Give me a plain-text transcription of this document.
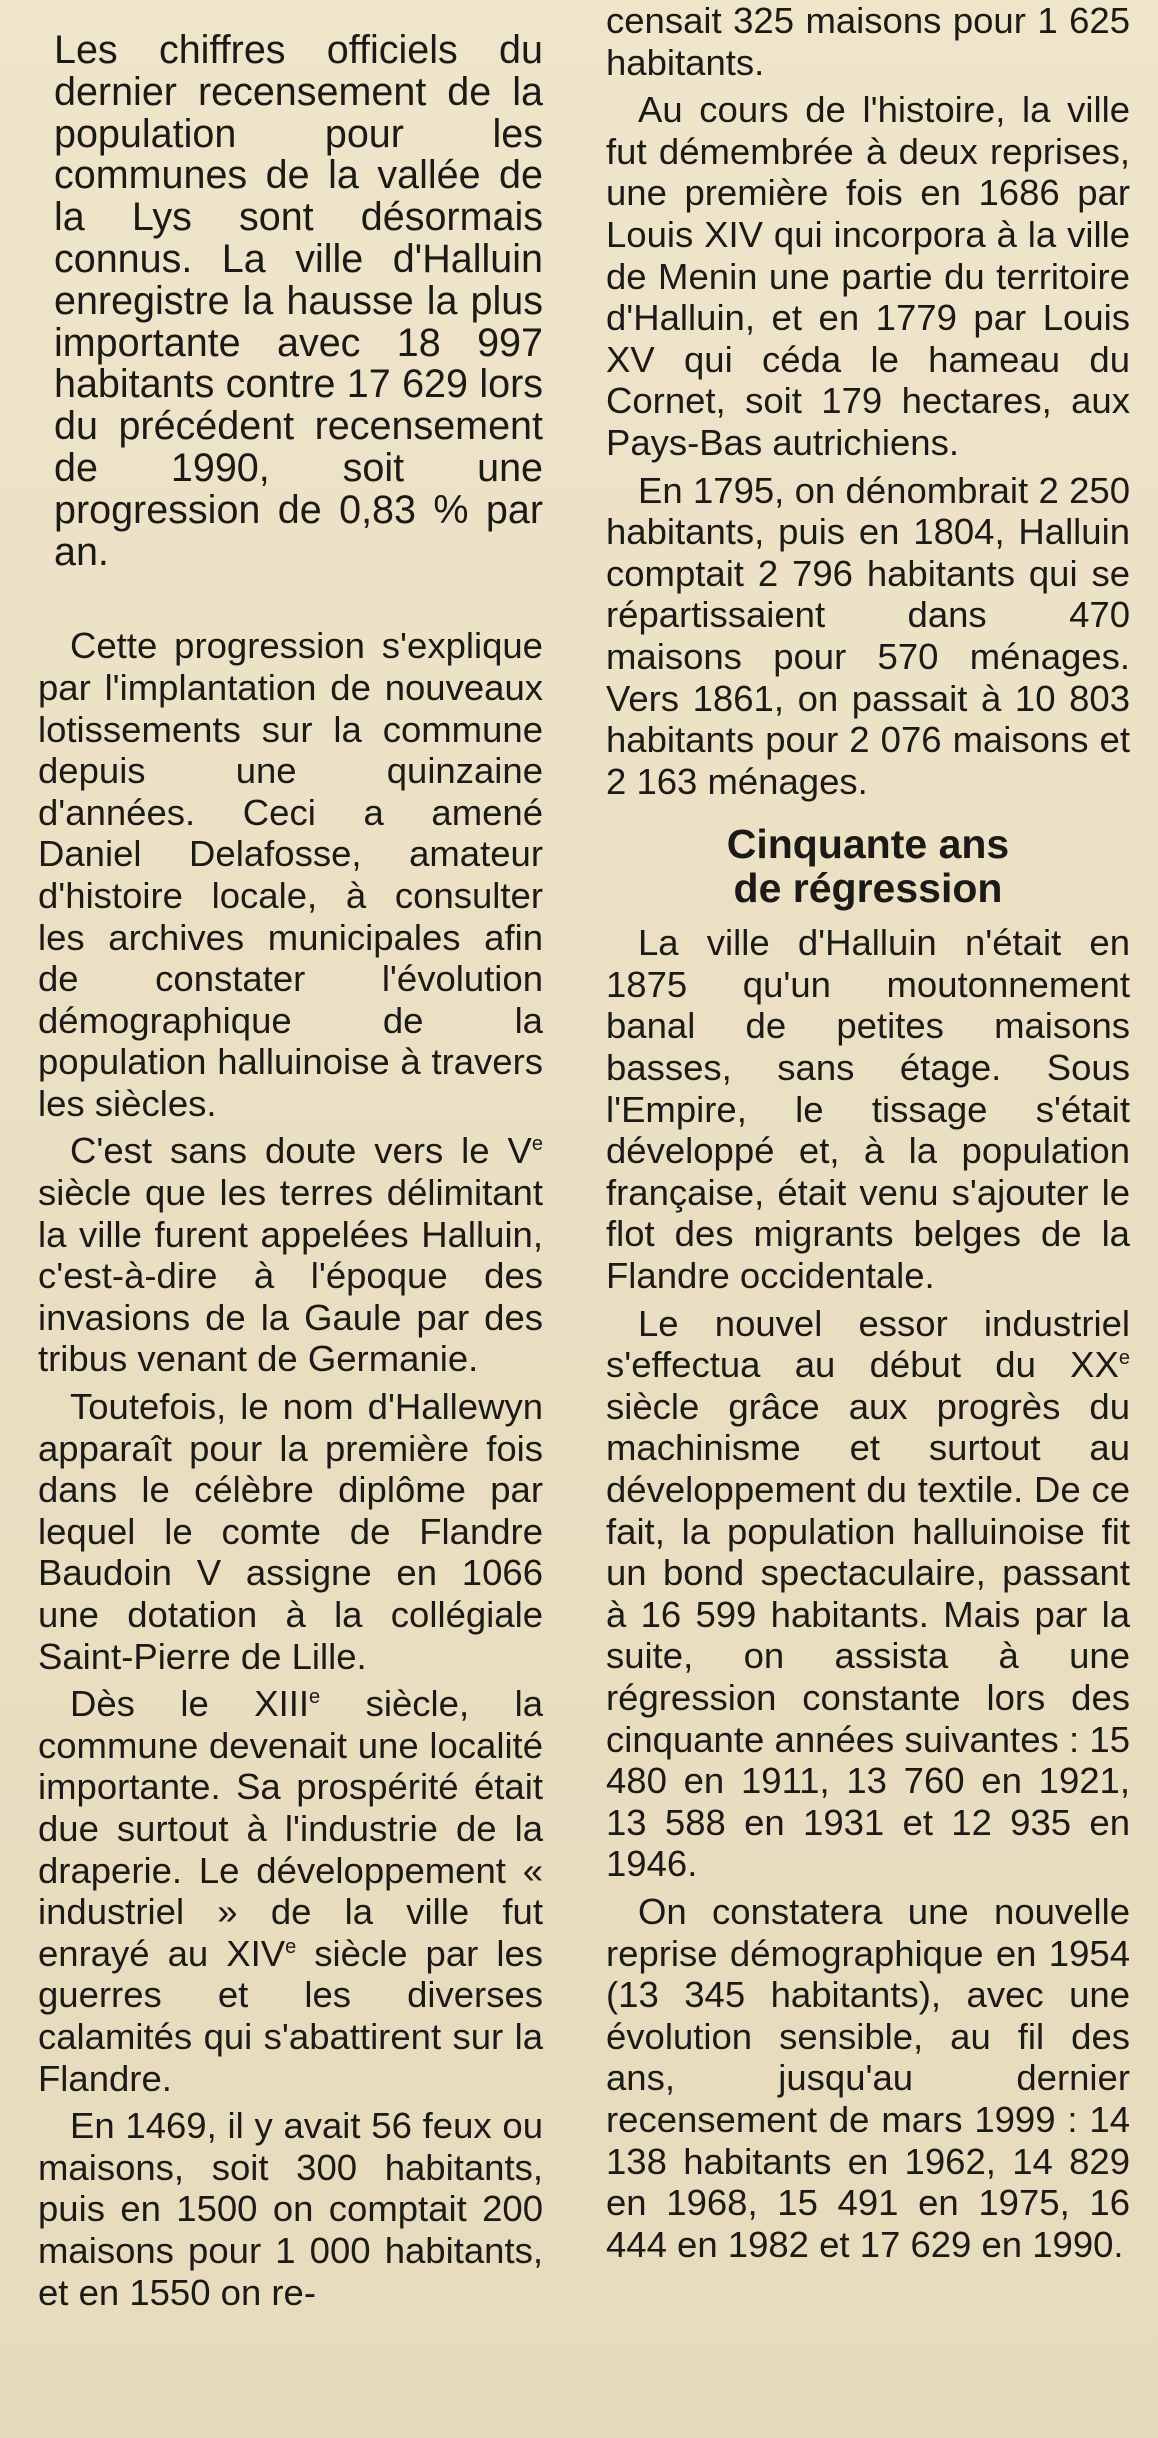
Les chiffres officiels du dernier recensement de la population pour les communes de la vallée de la Lys sont désormais connus. La ville d'Halluin enregistre la hausse la plus importante avec 18 997 habitants contre 17 629 lors du précédent recensement de 1990, soit une progression de 0,83 % par an.

Cette progression s'explique par l'implantation de nouveaux lotissements sur la commune depuis une quinzaine d'années. Ceci a amené Daniel Delafosse, amateur d'histoire locale, à consulter les archives municipales afin de constater l'évolution démographique de la population halluinoise à travers les siècles.

C'est sans doute vers le Ve siècle que les terres délimitant la ville furent appelées Halluin, c'est-à-dire à l'époque des invasions de la Gaule par des tribus venant de Germanie.

Toutefois, le nom d'Hallewyn apparaît pour la première fois dans le célèbre diplôme par lequel le comte de Flandre Baudoin V assigne en 1066 une dotation à la collégiale Saint-Pierre de Lille.

Dès le XIIIe siècle, la commune devenait une localité importante. Sa prospérité était due surtout à l'industrie de la draperie. Le développement « industriel » de la ville fut enrayé au XIVe siècle par les guerres et les diverses calamités qui s'abattirent sur la Flandre.

En 1469, il y avait 56 feux ou maisons, soit 300 habitants, puis en 1500 on comptait 200 maisons pour 1 000 habitants, et en 1550 on re-

censait 325 maisons pour 1 625 habitants.

Au cours de l'histoire, la ville fut démembrée à deux reprises, une première fois en 1686 par Louis XIV qui incorpora à la ville de Menin une partie du territoire d'Halluin, et en 1779 par Louis XV qui céda le hameau du Cornet, soit 179 hectares, aux Pays-Bas autrichiens.

En 1795, on dénombrait 2 250 habitants, puis en 1804, Halluin comptait 2 796 habitants qui se répartissaient dans 470 maisons pour 570 ménages. Vers 1861, on passait à 10 803 habitants pour 2 076 maisons et 2 163 ménages.

Cinquante ans
de régression

La ville d'Halluin n'était en 1875 qu'un moutonnement banal de petites maisons basses, sans étage. Sous l'Empire, le tissage s'était développé et, à la population française, était venu s'ajouter le flot des migrants belges de la Flandre occidentale.

Le nouvel essor industriel s'effectua au début du XXe siècle grâce aux progrès du machinisme et surtout au développement du textile. De ce fait, la population halluinoise fit un bond spectaculaire, passant à 16 599 habitants. Mais par la suite, on assista à une régression constante lors des cinquante années suivantes : 15 480 en 1911, 13 760 en 1921, 13 588 en 1931 et 12 935 en 1946.

On constatera une nouvelle reprise démographique en 1954 (13 345 habitants), avec une évolution sensible, au fil des ans, jusqu'au dernier recensement de mars 1999 : 14 138 habitants en 1962, 14 829 en 1968, 15 491 en 1975, 16 444 en 1982 et 17 629 en 1990.
